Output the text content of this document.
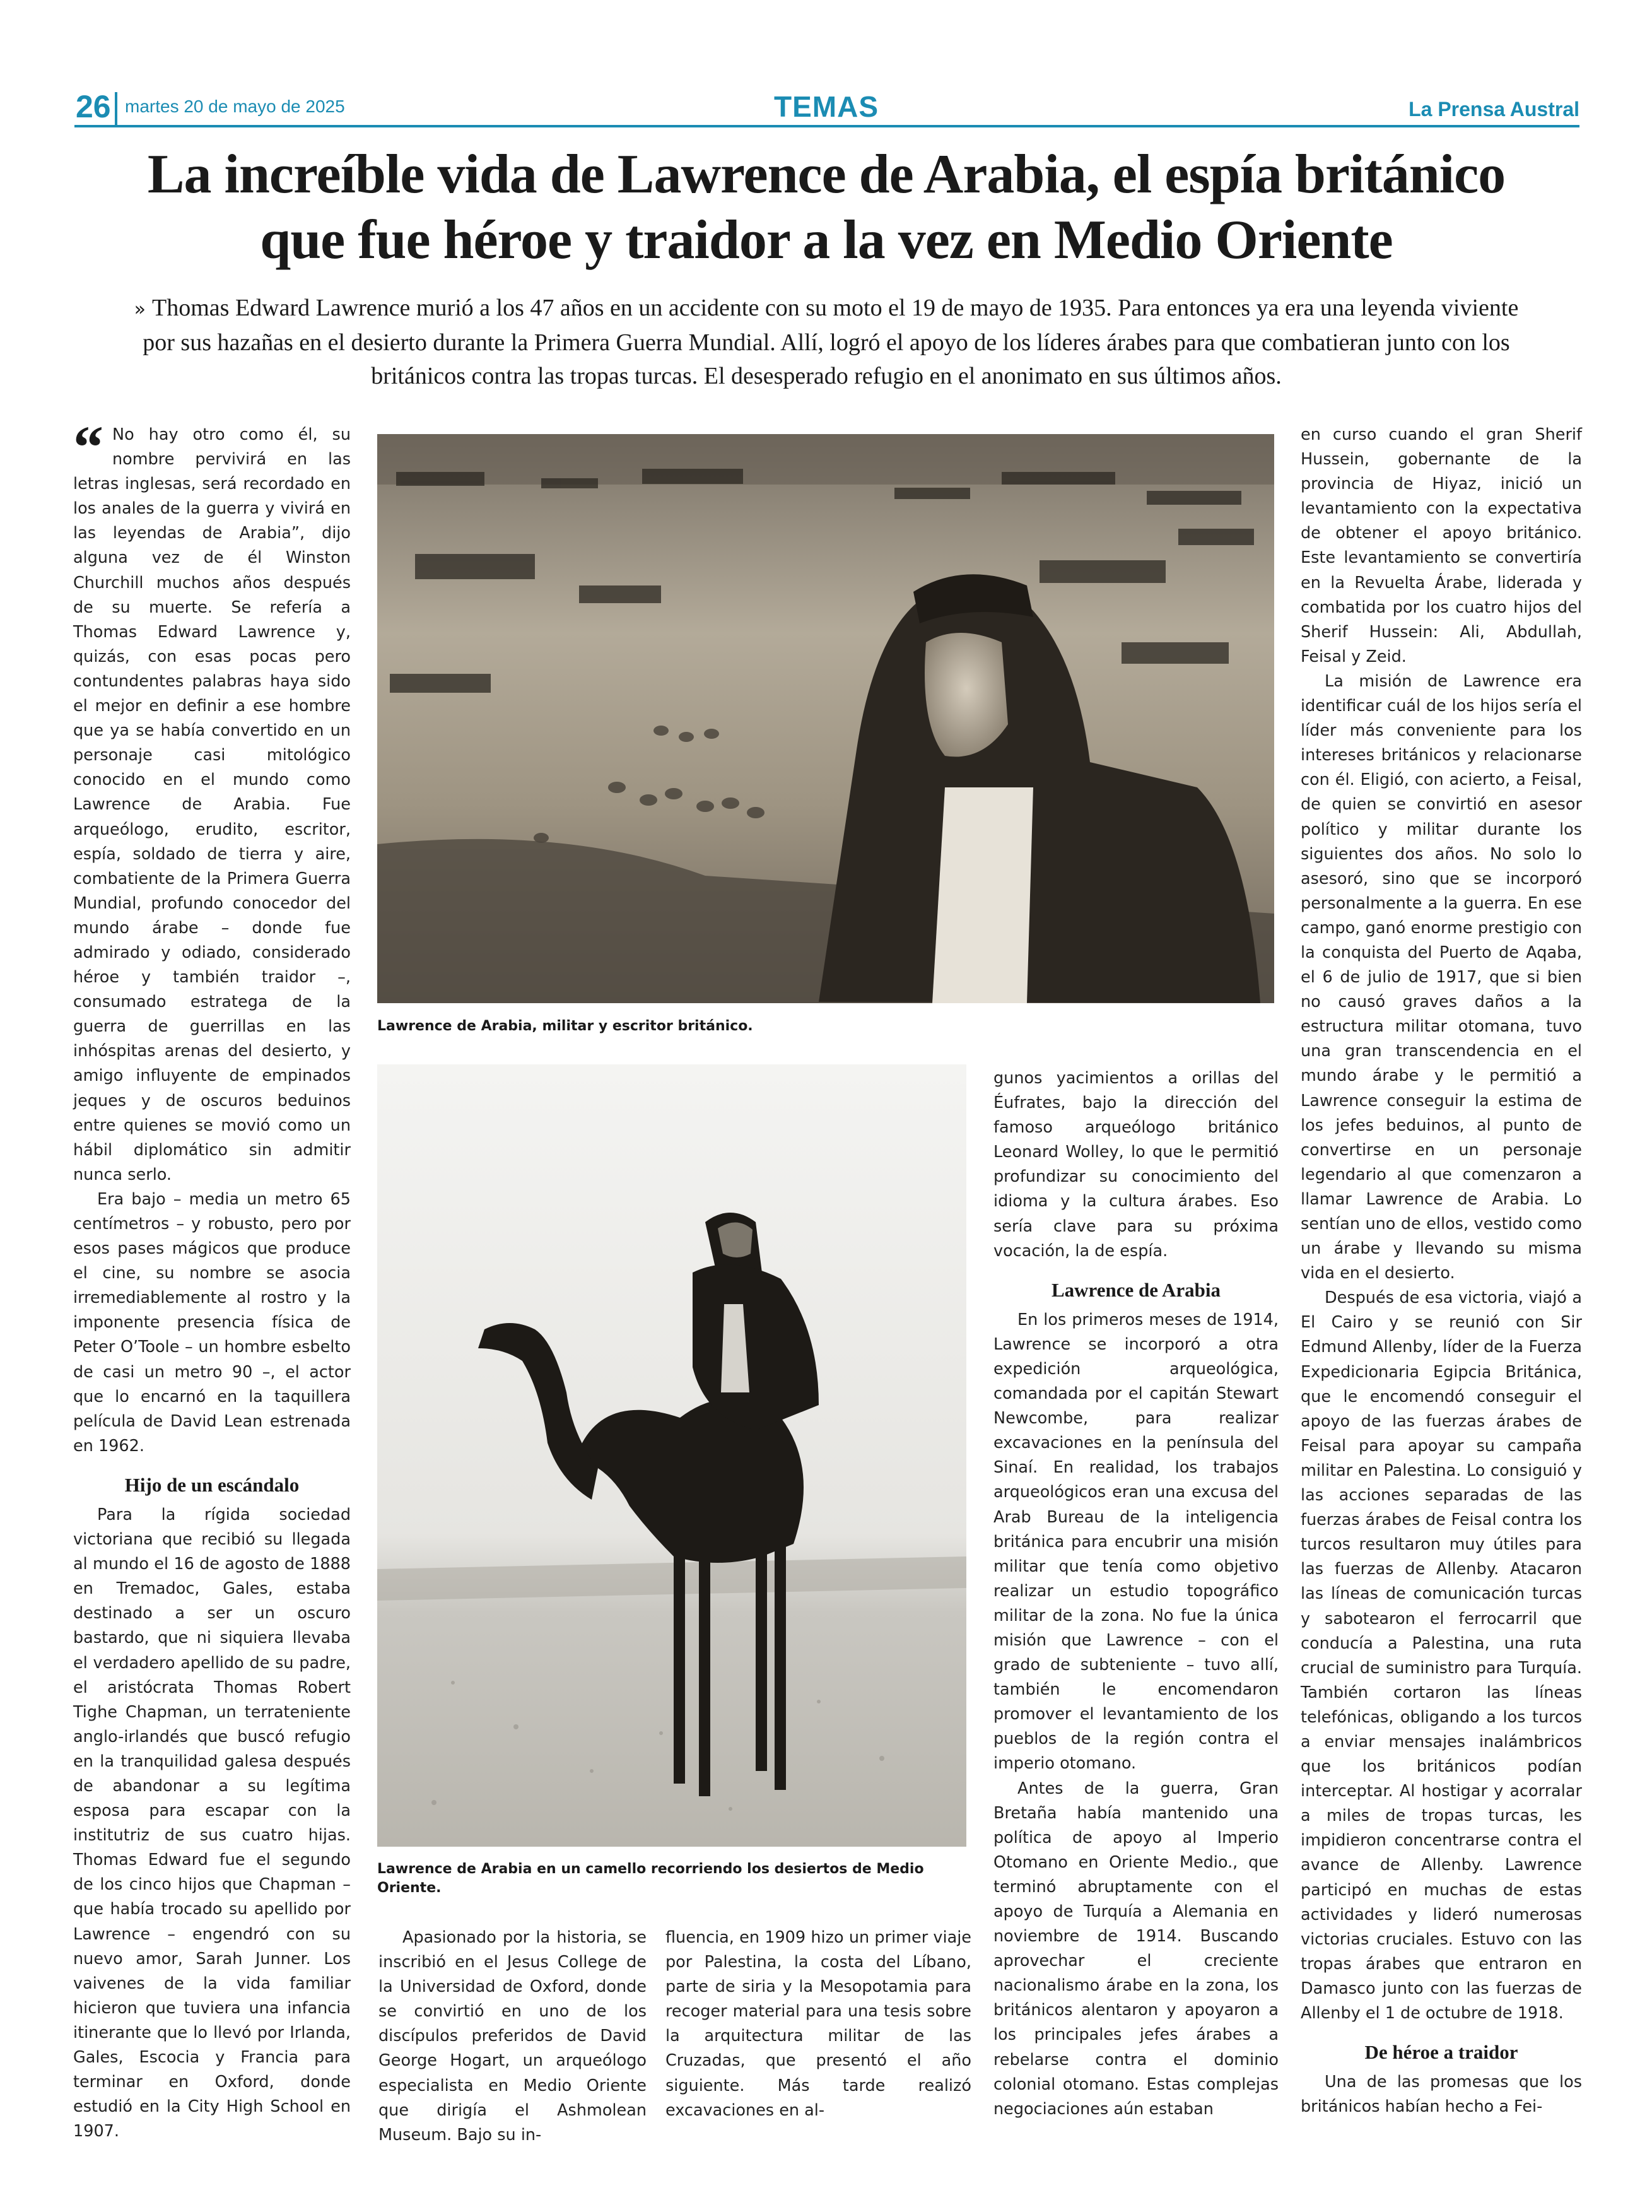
26 martes 20 de mayo de 2025	TEMAS	La Prensa Austral
La increíble vida de Lawrence de Arabia, el espía británico
que fue héroe y traidor a la vez en Medio Oriente
» Thomas Edward Lawrence murió a los 47 años en un accidente con su moto el 19 de mayo de 1935. Para entonces ya era una leyenda viviente por sus hazañas en el desierto durante la Primera Guerra Mundial. Allí, logró el apoyo de los líderes árabes para que combatieran junto con los británicos contra las tropas turcas. El desesperado refugio en el anonimato en sus últimos años.
“ No hay otro como él, su nombre pervivirá en las letras inglesas, será recordado en los anales de la guerra y vivirá en las leyendas de Arabia”, dijo alguna vez de él Winston Churchill muchos años después de su muerte. Se refería a Thomas Edward Lawrence y, quizás, con esas pocas pero contundentes palabras haya sido el mejor en definir a ese hombre que ya se había convertido en un personaje casi mitológico conocido en el mundo como Lawrence de Arabia. Fue arqueólogo, erudito, escritor, espía, soldado de tierra y aire, combatiente de la Primera Guerra Mundial, profundo conocedor del mundo árabe – donde fue admirado y odiado, considerado héroe y también traidor –, consumado estratega de la guerra de guerrillas en las inhóspitas arenas del desierto, y amigo influyente de empinados jeques y de oscuros beduinos entre quienes se movió como un hábil diplomático sin admitir nunca serlo.

Era bajo – media un metro 65 centímetros – y robusto, pero por esos pases mágicos que produce el cine, su nombre se asocia irremediablemente al rostro y la imponente presencia física de Peter O’Toole – un hombre esbelto de casi un metro 90 –, el actor que lo encarnó en la taquillera película de David Lean estrenada en 1962.

Hijo de un escándalo

Para la rígida sociedad victoriana que recibió su llegada al mundo el 16 de agosto de 1888 en Tremadoc, Gales, estaba destinado a ser un oscuro bastardo, que ni siquiera llevaba el verdadero apellido de su padre, el aristócrata Thomas Robert Tighe Chapman, un terrateniente anglo-irlandés que buscó refugio en la tranquilidad galesa después de abandonar a su legítima esposa para escapar con la institutriz de sus cuatro hijas. Thomas Edward fue el segundo de los cinco hijos que Chapman – que había trocado su apellido por Lawrence – engendró con su nuevo amor, Sarah Junner. Los vaivenes de la vida familiar hicieron que tuviera una infancia itinerante que lo llevó por Irlanda, Gales, Escocia y Francia para terminar en Oxford, donde estudió en la City High School en 1907.

Lawrence de Arabia, militar y escritor británico.
Lawrence de Arabia en un camello recorriendo los desiertos de Medio Oriente.

Apasionado por la historia, se inscribió en el Jesus College de la Universidad de Oxford, donde se convirtió en uno de los discípulos preferidos de David George Hogart, un arqueólogo especialista en Medio Oriente que dirigía el Ashmolean Museum. Bajo su in-

fluencia, en 1909 hizo un primer viaje por Palestina, la costa del Líbano, parte de siria y la Mesopotamia para recoger material para una tesis sobre la arquitectura militar de las Cruzadas, que presentó el año siguiente. Más tarde realizó excavaciones en al-

gunos yacimientos a orillas del Éufrates, bajo la dirección del famoso arqueólogo británico Leonard Wolley, lo que le permitió profundizar su conocimiento del idioma y la cultura árabes. Eso sería clave para su próxima vocación, la de espía.

Lawrence de Arabia

En los primeros meses de 1914, Lawrence se incorporó a otra expedición arqueológica, comandada por el capitán Stewart Newcombe, para realizar excavaciones en la península del Sinaí. En realidad, los trabajos arqueológicos eran una excusa del Arab Bureau de la inteligencia británica para encubrir una misión militar que tenía como objetivo realizar un estudio topográfico militar de la zona. No fue la única misión que Lawrence – con el grado de subteniente – tuvo allí, también le encomendaron promover el levantamiento de los pueblos de la región contra el imperio otomano.

Antes de la guerra, Gran Bretaña había mantenido una política de apoyo al Imperio Otomano en Oriente Medio., que terminó abruptamente con el apoyo de Turquía a Alemania en noviembre de 1914. Buscando aprovechar el creciente nacionalismo árabe en la zona, los británicos alentaron y apoyaron a los principales jefes árabes a rebelarse contra el dominio colonial otomano. Estas complejas negociaciones aún estaban

en curso cuando el gran Sherif Hussein, gobernante de la provincia de Hiyaz, inició un levantamiento con la expectativa de obtener el apoyo británico. Este levantamiento se convertiría en la Revuelta Árabe, liderada y combatida por los cuatro hijos del Sherif Hussein: Ali, Abdullah, Feisal y Zeid.

La misión de Lawrence era identificar cuál de los hijos sería el líder más conveniente para los intereses británicos y relacionarse con él. Eligió, con acierto, a Feisal, de quien se convirtió en asesor político y militar durante los siguientes dos años. No solo lo asesoró, sino que se incorporó personalmente a la guerra. En ese campo, ganó enorme prestigio con la conquista del Puerto de Aqaba, el 6 de julio de 1917, que si bien no causó graves daños a la estructura militar otomana, tuvo una gran transcendencia en el mundo árabe y le permitió a Lawrence conseguir la estima de los jefes beduinos, al punto de convertirse en un personaje legendario al que comenzaron a llamar Lawrence de Arabia. Lo sentían uno de ellos, vestido como un árabe y llevando su misma vida en el desierto.

Después de esa victoria, viajó a El Cairo y se reunió con Sir Edmund Allenby, líder de la Fuerza Expedicionaria Egipcia Británica, que le encomendó conseguir el apoyo de las fuerzas árabes de Feisal para apoyar su campaña militar en Palestina. Lo consiguió y las acciones separadas de las fuerzas árabes de Feisal contra los turcos resultaron muy útiles para las fuerzas de Allenby. Atacaron las líneas de comunicación turcas y sabotearon el ferrocarril que conducía a Palestina, una ruta crucial de suministro para Turquía. También cortaron las líneas telefónicas, obligando a los turcos a enviar mensajes inalámbricos que los británicos podían interceptar. Al hostigar y acorralar a miles de tropas turcas, les impidieron concentrarse contra el avance de Allenby. Lawrence participó en muchas de estas actividades y lideró numerosas victorias cruciales. Estuvo con las tropas árabes que entraron en Damasco junto con las fuerzas de Allenby el 1 de octubre de 1918.

De héroe a traidor

Una de las promesas que los británicos habían hecho a Fei-
